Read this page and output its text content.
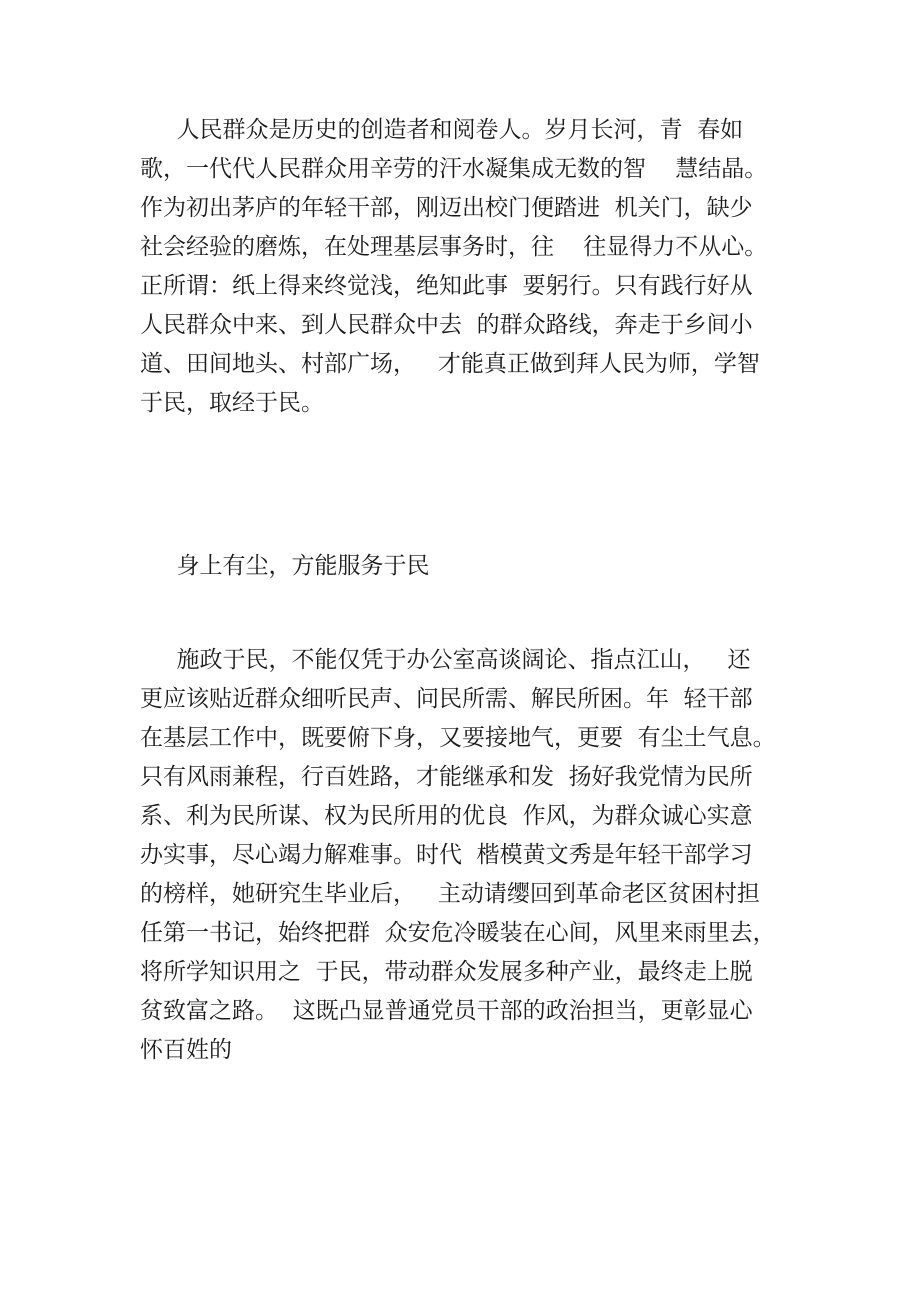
人民群众是历史的创造者和阅卷人。岁月长河，青  春如
歌，一代代人民群众用辛劳的汗水凝集成无数的智    慧结晶。
作为初出茅庐的年轻干部，刚迈出校门便踏进  机关门，缺少
社会经验的磨炼，在处理基层事务时，往    往显得力不从心。
正所谓：纸上得来终觉浅，绝知此事  要躬行。只有践行好从
人民群众中来、到人民群众中去  的群众路线，奔走于乡间小
道、田间地头、村部广场，   才能真正做到拜人民为师，学智
于民，取经于民。
身上有尘，方能服务于民
施政于民，不能仅凭于办公室高谈阔论、指点江山，   还
更应该贴近群众细听民声、问民所需、解民所困。年  轻干部
在基层工作中，既要俯下身，又要接地气，更要  有尘土气息。
只有风雨兼程，行百姓路，才能继承和发  扬好我党情为民所
系、利为民所谋、权为民所用的优良  作风，为群众诚心实意
办实事，尽心竭力解难事。时代  楷模黄文秀是年轻干部学习
的榜样，她研究生毕业后，   主动请缨回到革命老区贫困村担
任第一书记，始终把群  众安危冷暖装在心间，风里来雨里去，
将所学知识用之  于民，带动群众发展多种产业，最终走上脱
贫致富之路。  这既凸显普通党员干部的政治担当，更彰显心
怀百姓的
